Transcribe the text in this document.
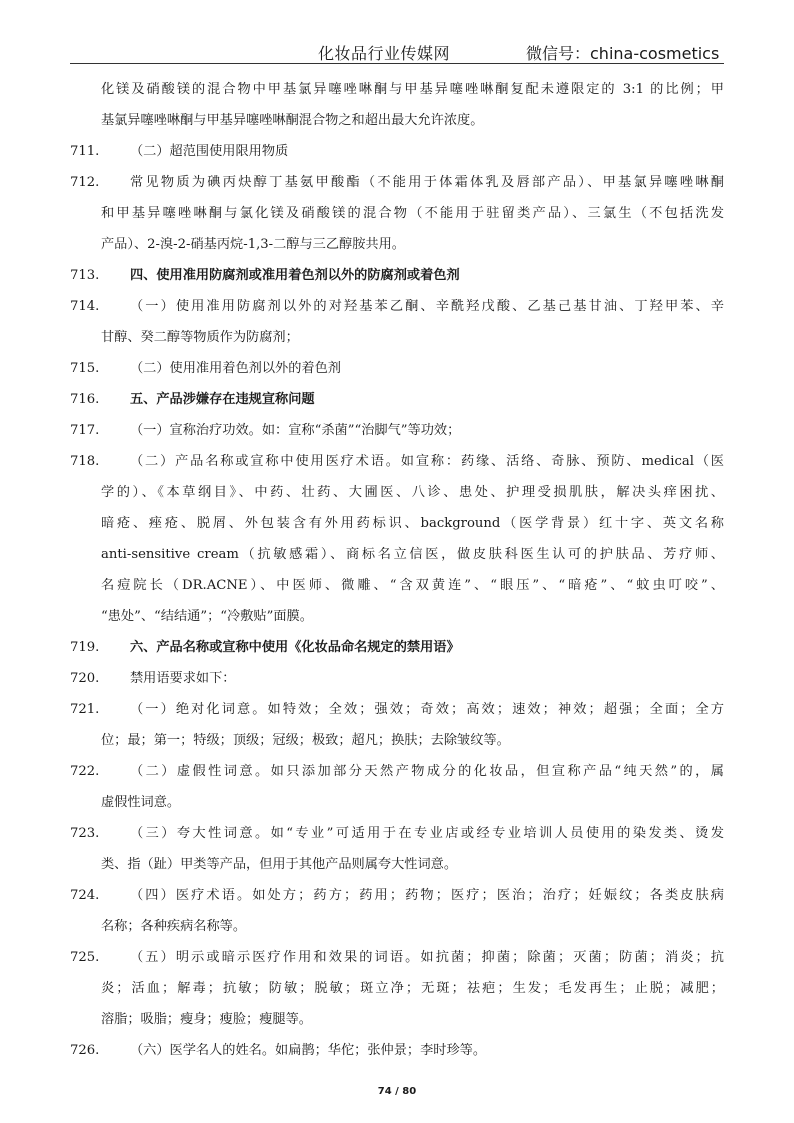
化妆品行业传媒网	微信号：china-cosmetics
化镁及硝酸镁的混合物中甲基氯异噻唑啉酮与甲基异噻唑啉酮复配未遵限定的 3:1 的比例；甲
基氯异噻唑啉酮与甲基异噻唑啉酮混合物之和超出最大允许浓度。
711. （二）超范围使用限用物质
712. 常见物质为碘丙炔醇丁基氨甲酸酯（不能用于体霜体乳及唇部产品）、甲基氯异噻唑啉酮
和甲基异噻唑啉酮与氯化镁及硝酸镁的混合物（不能用于驻留类产品）、三氯生（不包括洗发
产品）、2-溴-2-硝基丙烷-1,3-二醇与三乙醇胺共用。
713. 四、使用准用防腐剂或准用着色剂以外的防腐剂或着色剂
714. （一）使用准用防腐剂以外的对羟基苯乙酮、辛酰羟戊酸、乙基己基甘油、丁羟甲苯、辛
甘醇、癸二醇等物质作为防腐剂；
715. （二）使用准用着色剂以外的着色剂
716. 五、产品涉嫌存在违规宣称问题
717. （一）宣称治疗功效。如：宣称“杀菌”“治脚气”等功效；
718. （二）产品名称或宣称中使用医疗术语。如宣称：药缘、活络、奇脉、预防、medical（医
学的）、《本草纲目》、中药、壮药、大圃医、八诊、患处、护理受损肌肤，解决头痒困扰、
暗疮、痤疮、脱屑、外包装含有外用药标识、background（医学背景）红十字、英文名称
anti-sensitive cream（抗敏感霜）、商标名立信医，做皮肤科医生认可的护肤品、芳疗师、
名痘院长（DR.ACNE）、中医师、微雕、“含双黄连”、“眼压”、“暗疮”、“蚊虫叮咬”、
“患处”、“结结通”；“冷敷贴”面膜。
719. 六、产品名称或宣称中使用《化妆品命名规定的禁用语》
720. 禁用语要求如下：
721. （一）绝对化词意。如特效；全效；强效；奇效；高效；速效；神效；超强；全面；全方
位；最；第一；特级；顶级；冠级；极致；超凡；换肤；去除皱纹等。
722. （二）虚假性词意。如只添加部分天然产物成分的化妆品，但宣称产品“纯天然”的，属
虚假性词意。
723. （三）夸大性词意。如“专业”可适用于在专业店或经专业培训人员使用的染发类、烫发
类、指（趾）甲类等产品，但用于其他产品则属夸大性词意。
724. （四）医疗术语。如处方；药方；药用；药物；医疗；医治；治疗；妊娠纹；各类皮肤病
名称；各种疾病名称等。
725. （五）明示或暗示医疗作用和效果的词语。如抗菌；抑菌；除菌；灭菌；防菌；消炎；抗
炎；活血；解毒；抗敏；防敏；脱敏；斑立净；无斑；祛疤；生发；毛发再生；止脱；减肥；
溶脂；吸脂；瘦身；瘦脸；瘦腿等。
726. （六）医学名人的姓名。如扁鹊；华佗；张仲景；李时珍等。
74 / 80
